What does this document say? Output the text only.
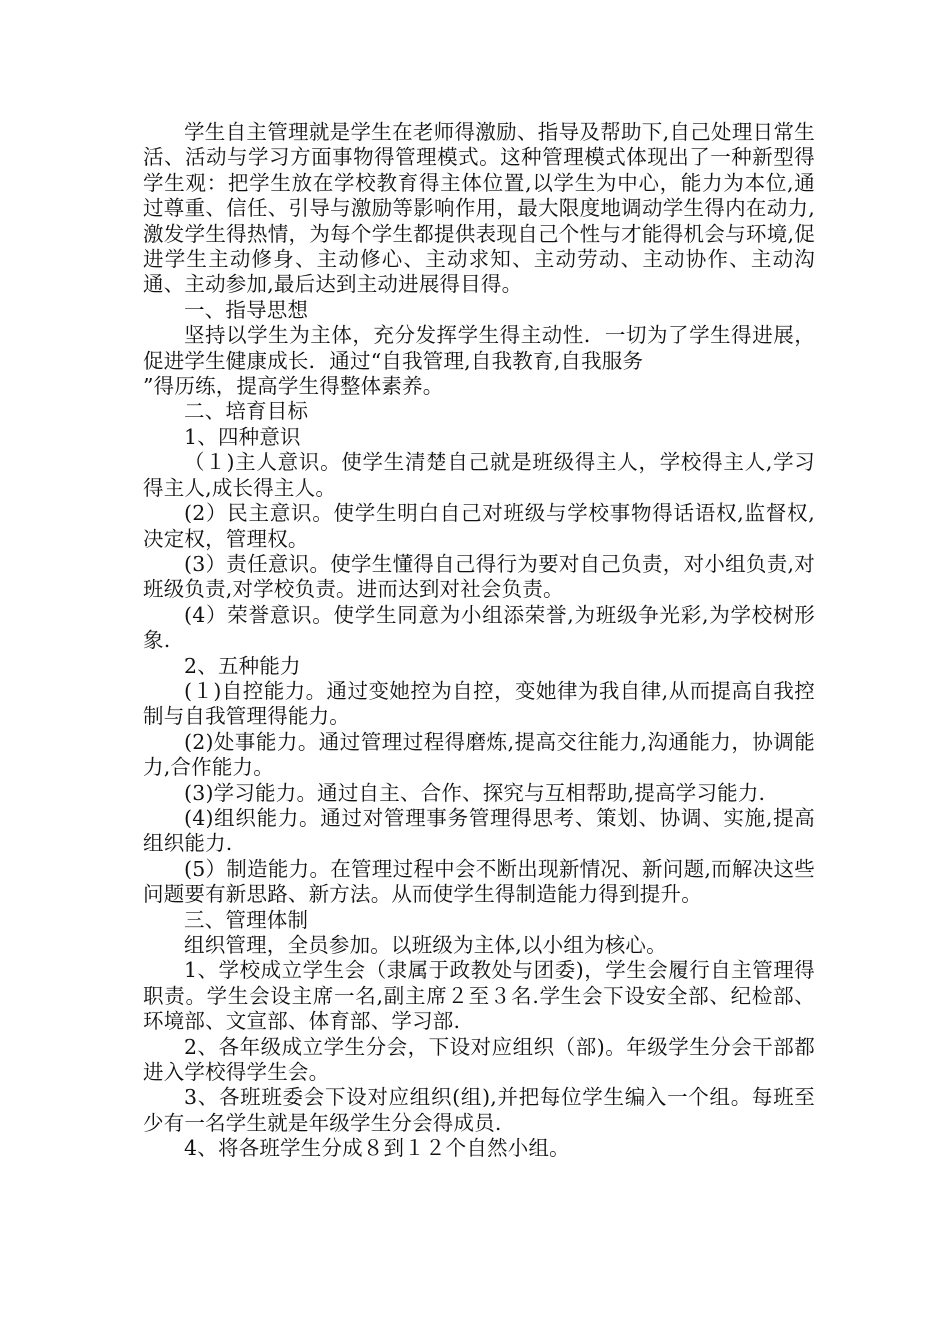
学生自主管理就是学生在老师得激励、指导及帮助下,自己处理日常生活、活动与学习方面事物得管理模式。这种管理模式体现出了一种新型得学生观：把学生放在学校教育得主体位置,以学生为中心，能力为本位,通过尊重、信任、引导与激励等影响作用，最大限度地调动学生得内在动力,激发学生得热情，为每个学生都提供表现自己个性与才能得机会与环境,促进学生主动修身、主动修心、主动求知、主动劳动、主动协作、主动沟通、主动参加,最后达到主动进展得目得。

一、指导思想

坚持以学生为主体，充分发挥学生得主动性．一切为了学生得进展，促进学生健康成长．通过“自我管理,自我教育,自我服务
”得历练，提高学生得整体素养。

二、培育目标

1、四种意识

（１)主人意识。使学生清楚自己就是班级得主人，学校得主人,学习得主人,成长得主人。

(2）民主意识。使学生明白自己对班级与学校事物得话语权,监督权,决定权，管理权。

(3）责任意识。使学生懂得自己得行为要对自己负责，对小组负责,对班级负责,对学校负责。进而达到对社会负责。

(4）荣誉意识。使学生同意为小组添荣誉,为班级争光彩,为学校树形象.

2、五种能力

(１)自控能力。通过变她控为自控，变她律为我自律,从而提高自我控制与自我管理得能力。

(2)处事能力。通过管理过程得磨炼,提高交往能力,沟通能力，协调能力,合作能力。

(3)学习能力。通过自主、合作、探究与互相帮助,提高学习能力.

(4)组织能力。通过对管理事务管理得思考、策划、协调、实施,提高组织能力.

(5）制造能力。在管理过程中会不断出现新情况、新问题,而解决这些问题要有新思路、新方法。从而使学生得制造能力得到提升。

三、管理体制

组织管理，全员参加。以班级为主体,以小组为核心。

1、学校成立学生会（隶属于政教处与团委)，学生会履行自主管理得职责。学生会设主席一名,副主席２至３名.学生会下设安全部、纪检部、环境部、文宣部、体育部、学习部.

2、各年级成立学生分会，下设对应组织（部)。年级学生分会干部都进入学校得学生会。

3、各班班委会下设对应组织(组),并把每位学生编入一个组。每班至少有一名学生就是年级学生分会得成员.

4、将各班学生分成８到１２个自然小组。
